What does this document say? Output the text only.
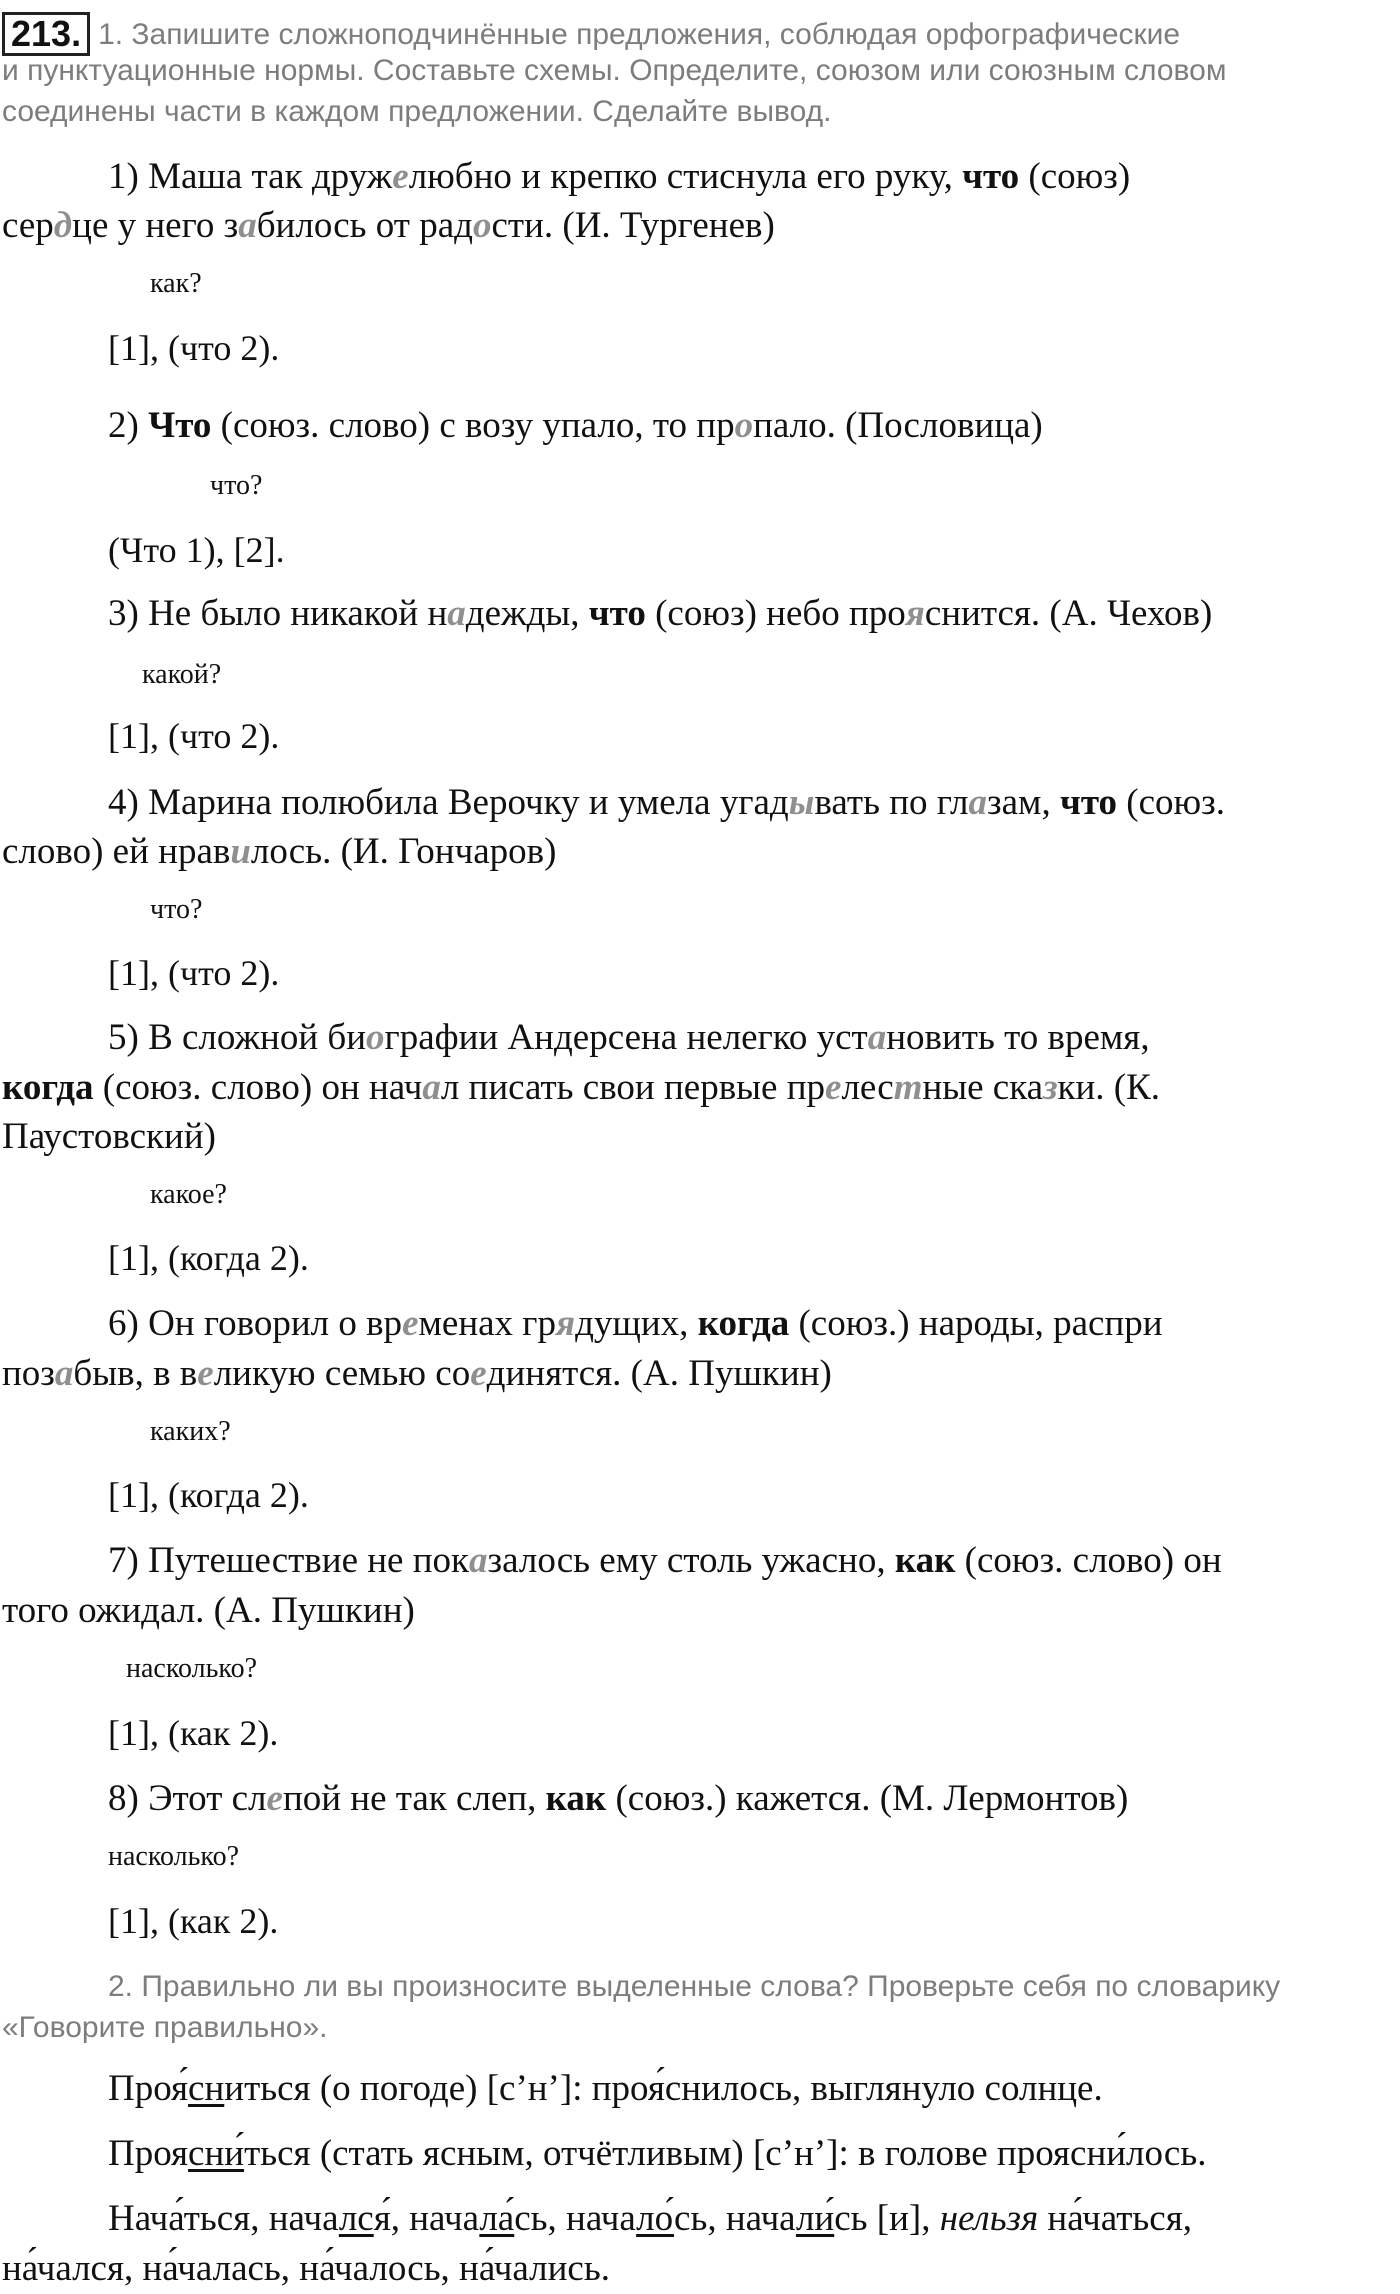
213. 1. Запишите сложноподчинённые предложения, соблюдая орфографические
и пунктуационные нормы. Составьте схемы. Определите, союзом или союзным словом
соединены части в каждом предложении. Сделайте вывод.
1) Маша так дружелюбно и крепко стиснула его руку, что (союз)
сердце у него забилось от радости. (И. Тургенев)
как?
[1], (что 2).
2) Что (союз. слово) с возу упало, то пропало. (Пословица)
что?
(Что 1), [2].
3) Не было никакой надежды, что (союз) небо прояснится. (А. Чехов)
какой?
[1], (что 2).
4) Марина полюбила Верочку и умела угадывать по глазам, что (союз.
слово) ей нравилось. (И. Гончаров)
что?
[1], (что 2).
5) В сложной биографии Андерсена нелегко установить то время,
когда (союз. слово) он начал писать свои первые прелестные сказки. (К.
Паустовский)
какое?
[1], (когда 2).
6) Он говорил о временах грядущих, когда (союз.) народы, распри
позабыв, в великую семью соединятся. (А. Пушкин)
каких?
[1], (когда 2).
7) Путешествие не показалось ему столь ужасно, как (союз. слово) он
того ожидал. (А. Пушкин)
насколько?
[1], (как 2).
8) Этот слепой не так слеп, как (союз.) кажется. (М. Лермонтов)
насколько?
[1], (как 2).
2. Правильно ли вы произносите выделенные слова? Проверьте себя по словарику
«Говорите правильно».
Проя́сниться (о погоде) [с’н’]: проя́снилось, выглянуло солнце.
Проясни́ться (стать ясным, отчётливым) [с’н’]: в голове проясни́лось.
Нача́ться, начался́, начала́сь, начало́сь, начали́сь [и], нельзя на́чаться,
на́чался, на́чалась, на́чалось, на́чались.
